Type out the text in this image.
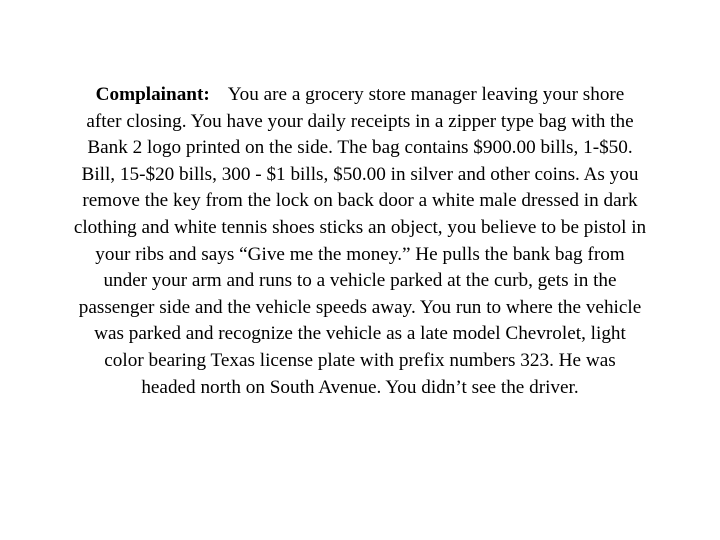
Complainant: You are a grocery store manager leaving your shore
after closing. You have your daily receipts in a zipper type bag with the
Bank 2 logo printed on the side. The bag contains $900.00 bills, 1-$50.
Bill, 15-$20 bills, 300 - $1 bills, $50.00 in silver and other coins. As you
remove the key from the lock on back door a white male dressed in dark
clothing and white tennis shoes sticks an object, you believe to be pistol in
your ribs and says “Give me the money.” He pulls the bank bag from
under your arm and runs to a vehicle parked at the curb, gets in the
passenger side and the vehicle speeds away. You run to where the vehicle
was parked and recognize the vehicle as a late model Chevrolet, light
color bearing Texas license plate with prefix numbers 323. He was
headed north on South Avenue. You didn’t see the driver.
